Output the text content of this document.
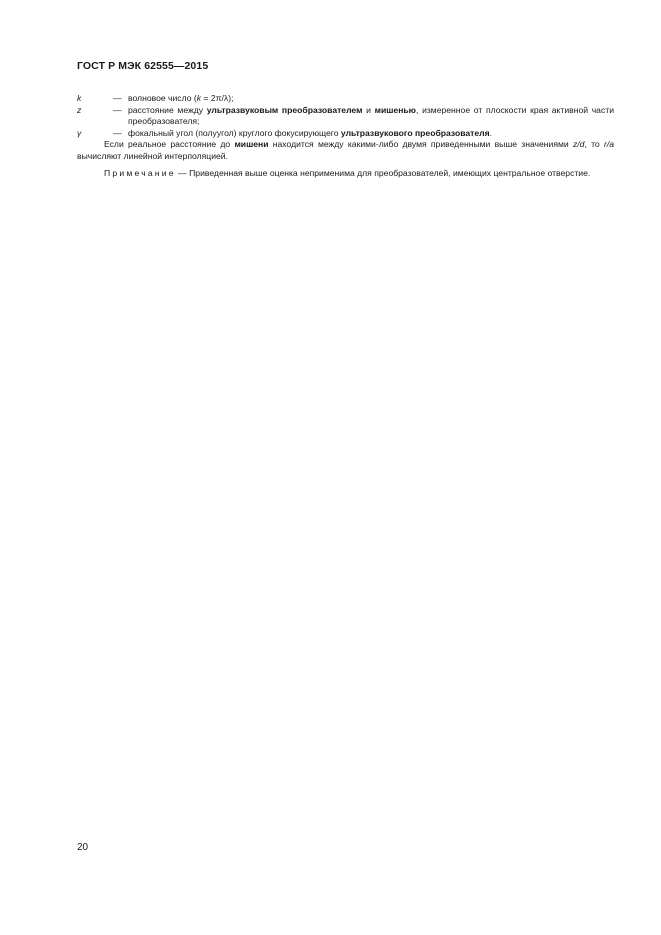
ГОСТ Р МЭК 62555—2015
k	— волновое число (k = 2π/λ);
z	— расстояние между ультразвуковым преобразователем и мишенью, измеренное от плоскости края активной части преобразователя;
γ	— фокальный угол (полуугол) круглого фокусирующего ультразвукового преобразователя.

Если реальное расстояние до мишени находится между какими-либо двумя приведенными выше значениями z/d, то r/a вычисляют линейной интерполяцией.

Примечание — Приведенная выше оценка неприменима для преобразователей, имеющих центральное отверстие.

20
